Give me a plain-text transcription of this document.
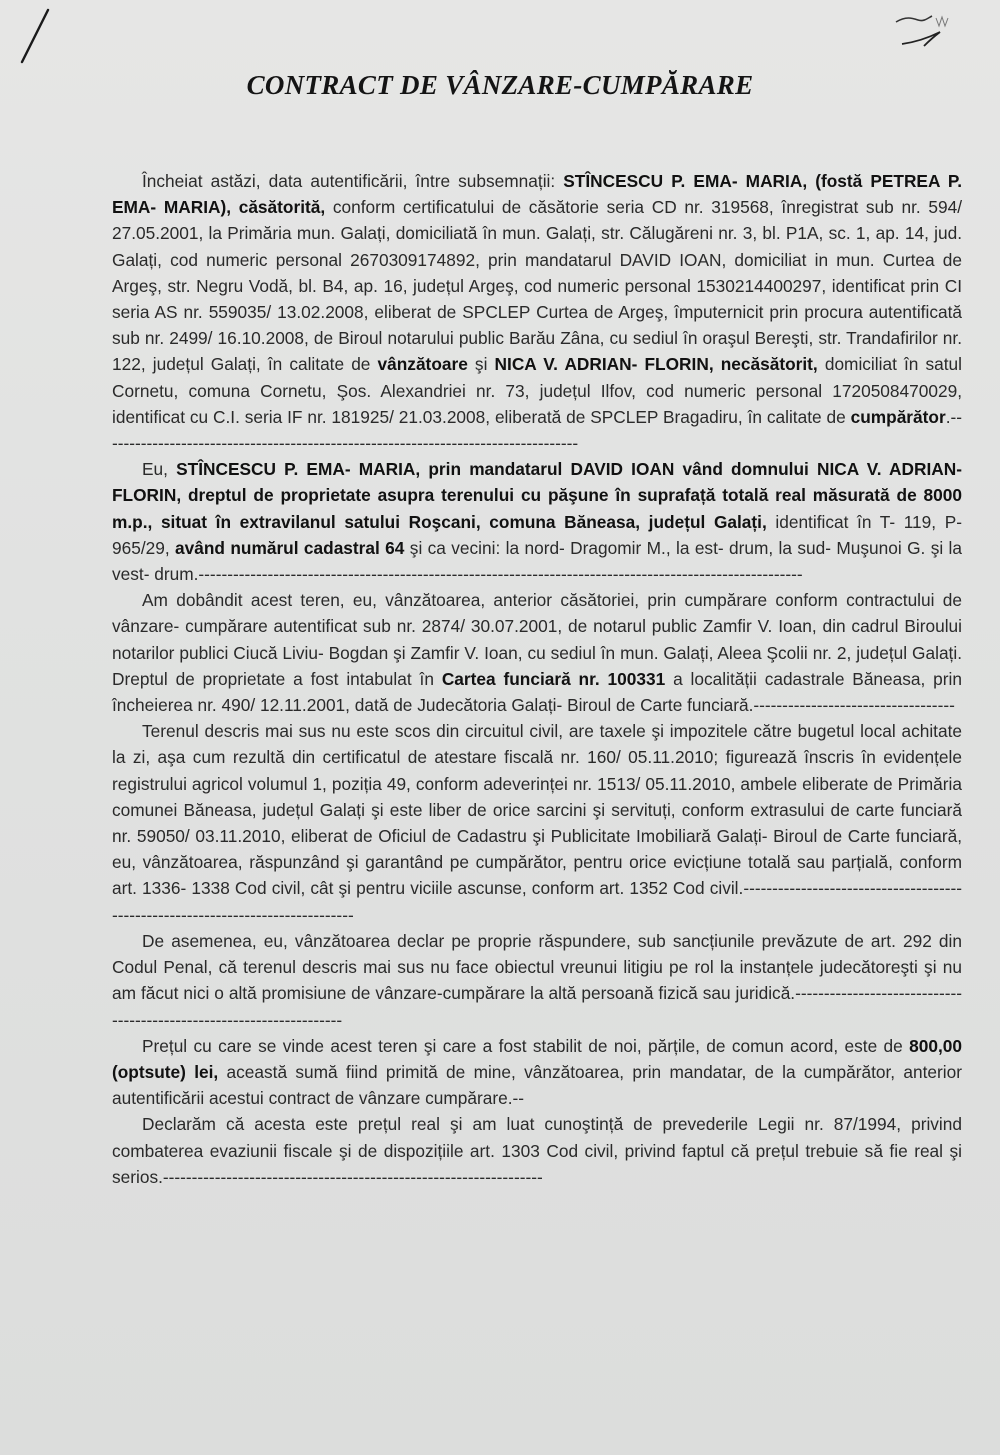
CONTRACT DE VÂNZARE-CUMPĂRARE

Încheiat astăzi, data autentificării, între subsemnații: STÎNCESCU P. EMA- MARIA, (fostă PETREA P. EMA- MARIA), căsătorită, conform certificatului de căsătorie seria CD nr. 319568, înregistrat sub nr. 594/ 27.05.2001, la Primăria mun. Galați, domiciliată în mun. Galați, str. Călugăreni nr. 3, bl. P1A, sc. 1, ap. 14, jud. Galați, cod numeric personal 2670309174892, prin mandatarul DAVID IOAN, domiciliat in mun. Curtea de Argeş, str. Negru Vodă, bl. B4, ap. 16, județul Argeş, cod numeric personal 1530214400297, identificat prin CI seria AS nr. 559035/ 13.02.2008, eliberat de SPCLEP Curtea de Argeş, împuternicit prin procura autentificată sub nr. 2499/ 16.10.2008, de Biroul notarului public Barău Zâna, cu sediul în oraşul Bereşti, str. Trandafirilor nr. 122, județul Galați, în calitate de vânzătoare şi NICA V. ADRIAN- FLORIN, necăsătorit, domiciliat în satul Cornetu, comuna Cornetu, Şos. Alexandriei nr. 73, județul Ilfov, cod numeric personal 1720508470029, identificat cu C.I. seria IF nr. 181925/ 21.03.2008, eliberată de SPCLEP Bragadiru, în calitate de cumpărător.-----------------------------------------------------------------------------------

Eu, STÎNCESCU P. EMA- MARIA, prin mandatarul DAVID IOAN vând domnului NICA V. ADRIAN- FLORIN, dreptul de proprietate asupra terenului cu păşune în suprafață totală real măsurată de 8000 m.p., situat în extravilanul satului Roşcani, comuna Băneasa, județul Galați, identificat în T- 119, P- 965/29, având numărul cadastral 64 şi ca vecini: la nord- Dragomir M., la est- drum, la sud- Muşunoi G. şi la vest- drum.---------------------------------------------------------------------------------------------------------

Am dobândit acest teren, eu, vânzătoarea, anterior căsătoriei, prin cumpărare conform contractului de vânzare- cumpărare autentificat sub nr. 2874/ 30.07.2001, de notarul public Zamfir V. Ioan, din cadrul Biroului notarilor publici Ciucă Liviu- Bogdan şi Zamfir V. Ioan, cu sediul în mun. Galați, Aleea Şcolii nr. 2, județul Galați. Dreptul de proprietate a fost intabulat în Cartea funciară nr. 100331 a localității cadastrale Băneasa, prin încheierea nr. 490/ 12.11.2001, dată de Judecătoria Galați- Biroul de Carte funciară.-----------------------------------

Terenul descris mai sus nu este scos din circuitul civil, are taxele şi impozitele către bugetul local achitate la zi, aşa cum rezultă din certificatul de atestare fiscală nr. 160/ 05.11.2010; figurează înscris în evidențele registrului agricol volumul 1, poziția 49, conform adeverinței nr. 1513/ 05.11.2010, ambele eliberate de Primăria comunei Băneasa, județul Galați şi este liber de orice sarcini şi servituți, conform extrasului de carte funciară nr. 59050/ 03.11.2010, eliberat de Oficiul de Cadastru şi Publicitate Imobiliară Galați- Biroul de Carte funciară, eu, vânzătoarea, răspunzând şi garantând pe cumpărător, pentru orice evicțiune totală sau parțială, conform art. 1336- 1338 Cod civil, cât şi pentru viciile ascunse, conform art. 1352 Cod civil.--------------------------------------------------------------------------------

De asemenea, eu, vânzătoarea declar pe proprie răspundere, sub sancțiunile prevăzute de art. 292 din Codul Penal, că terenul descris mai sus nu face obiectul vreunui litigiu pe rol la instanțele judecătoreşti şi nu am făcut nici o altă promisiune de vânzare-cumpărare la altă persoană fizică sau juridică.---------------------------------------------------------------------

Prețul cu care se vinde acest teren şi care a fost stabilit de noi, părțile, de comun acord, este de 800,00 (optsute) lei, această sumă fiind primită de mine, vânzătoarea, prin mandatar, de la cumpărător, anterior autentificării acestui contract de vânzare cumpărare.--

Declarăm că acesta este prețul real şi am luat cunoştință de prevederile Legii nr. 87/1994, privind combaterea evaziunii fiscale şi de dispozițiile art. 1303 Cod civil, privind faptul că prețul trebuie să fie real şi serios.------------------------------------------------------------------
